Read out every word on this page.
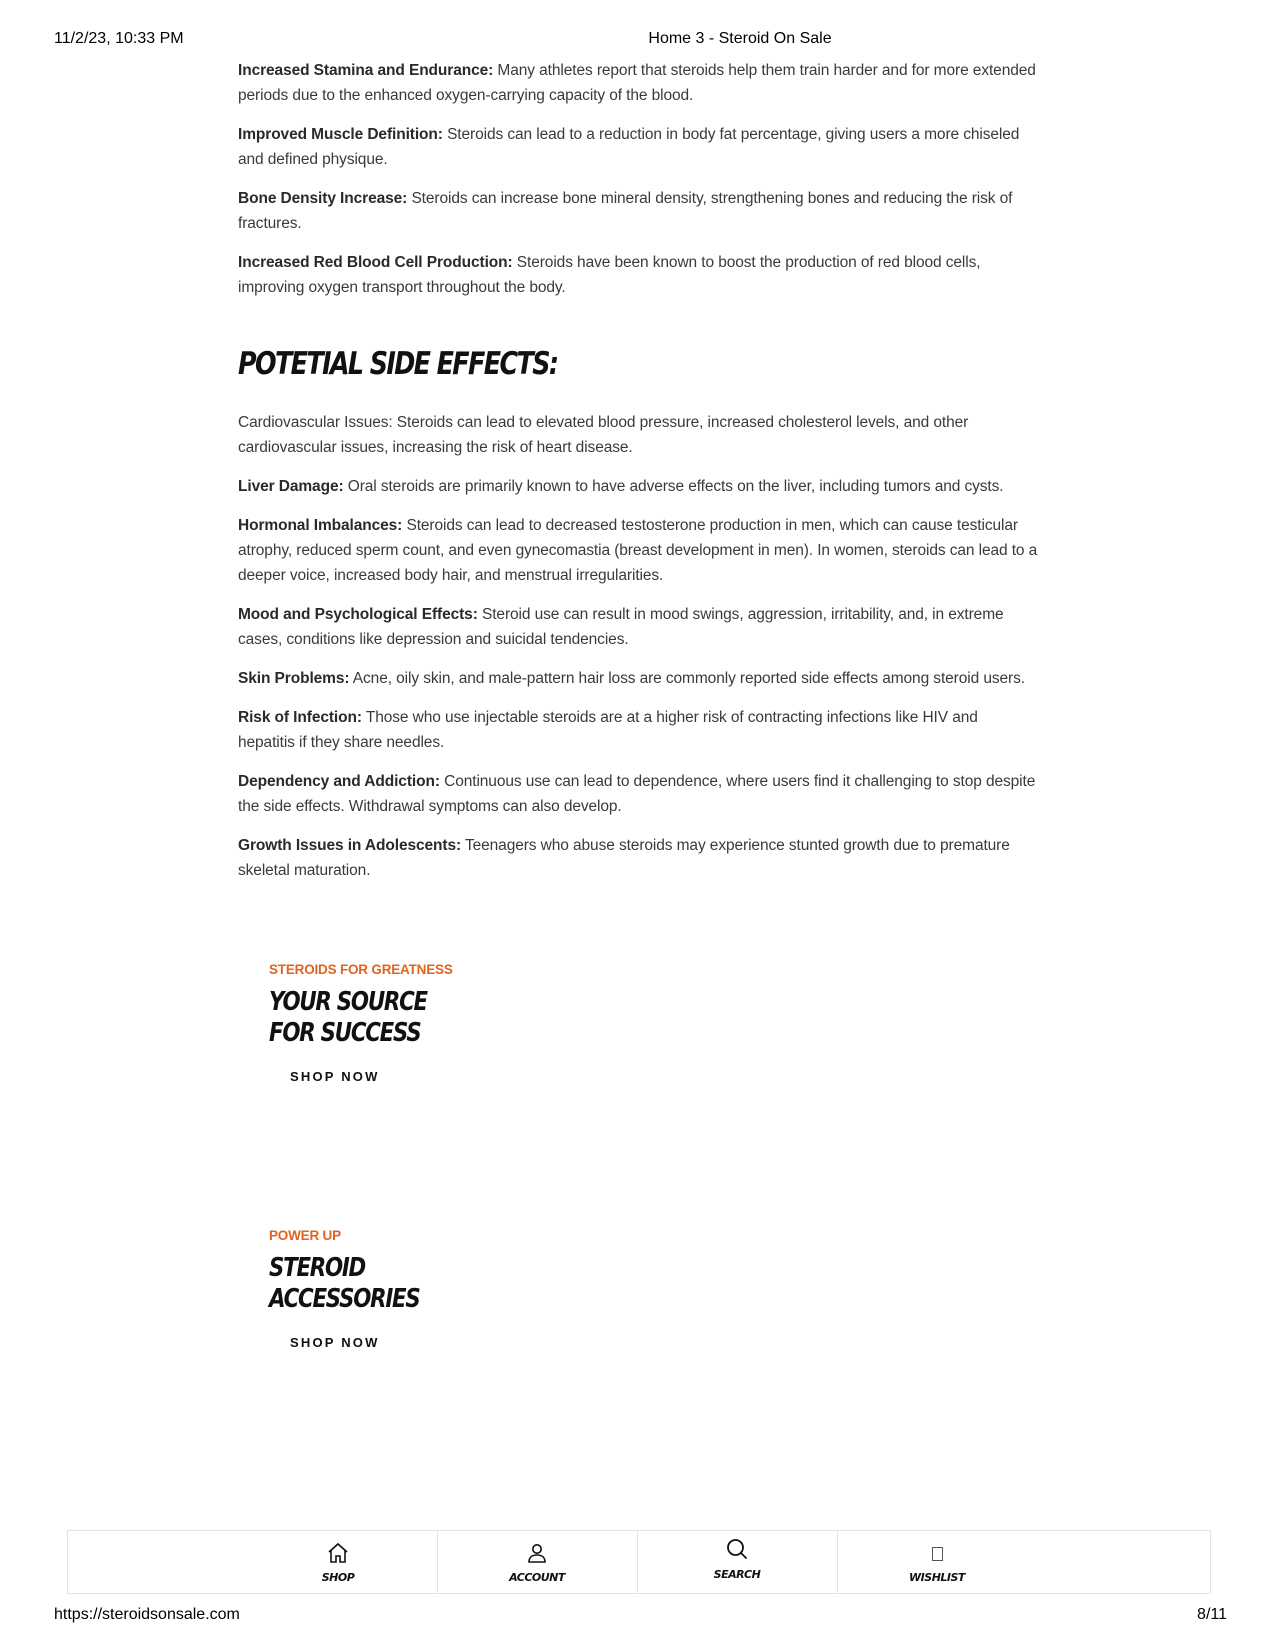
11/2/23, 10:33 PM	Home 3 - Steroid On Sale

Increased Stamina and Endurance: Many athletes report that steroids help them train harder and for more extended periods due to the enhanced oxygen-carrying capacity of the blood.

Improved Muscle Definition: Steroids can lead to a reduction in body fat percentage, giving users a more chiseled and defined physique.

Bone Density Increase: Steroids can increase bone mineral density, strengthening bones and reducing the risk of fractures.

Increased Red Blood Cell Production: Steroids have been known to boost the production of red blood cells, improving oxygen transport throughout the body.

POTETIAL SIDE EFFECTS:

Cardiovascular Issues: Steroids can lead to elevated blood pressure, increased cholesterol levels, and other cardiovascular issues, increasing the risk of heart disease.

Liver Damage: Oral steroids are primarily known to have adverse effects on the liver, including tumors and cysts.

Hormonal Imbalances: Steroids can lead to decreased testosterone production in men, which can cause testicular atrophy, reduced sperm count, and even gynecomastia (breast development in men). In women, steroids can lead to a deeper voice, increased body hair, and menstrual irregularities.

Mood and Psychological Effects: Steroid use can result in mood swings, aggression, irritability, and, in extreme cases, conditions like depression and suicidal tendencies.

Skin Problems: Acne, oily skin, and male-pattern hair loss are commonly reported side effects among steroid users.

Risk of Infection: Those who use injectable steroids are at a higher risk of contracting infections like HIV and hepatitis if they share needles.

Dependency and Addiction: Continuous use can lead to dependence, where users find it challenging to stop despite the side effects. Withdrawal symptoms can also develop.

Growth Issues in Adolescents: Teenagers who abuse steroids may experience stunted growth due to premature skeletal maturation.

STEROIDS FOR GREATNESS
YOUR SOURCE
FOR SUCCESS
SHOP NOW
POWER UP
STEROID
ACCESSORIES
SHOP NOW
SHOP	ACCOUNT	SEARCH	WISHLIST
https://steroidsonsale.com	8/11
